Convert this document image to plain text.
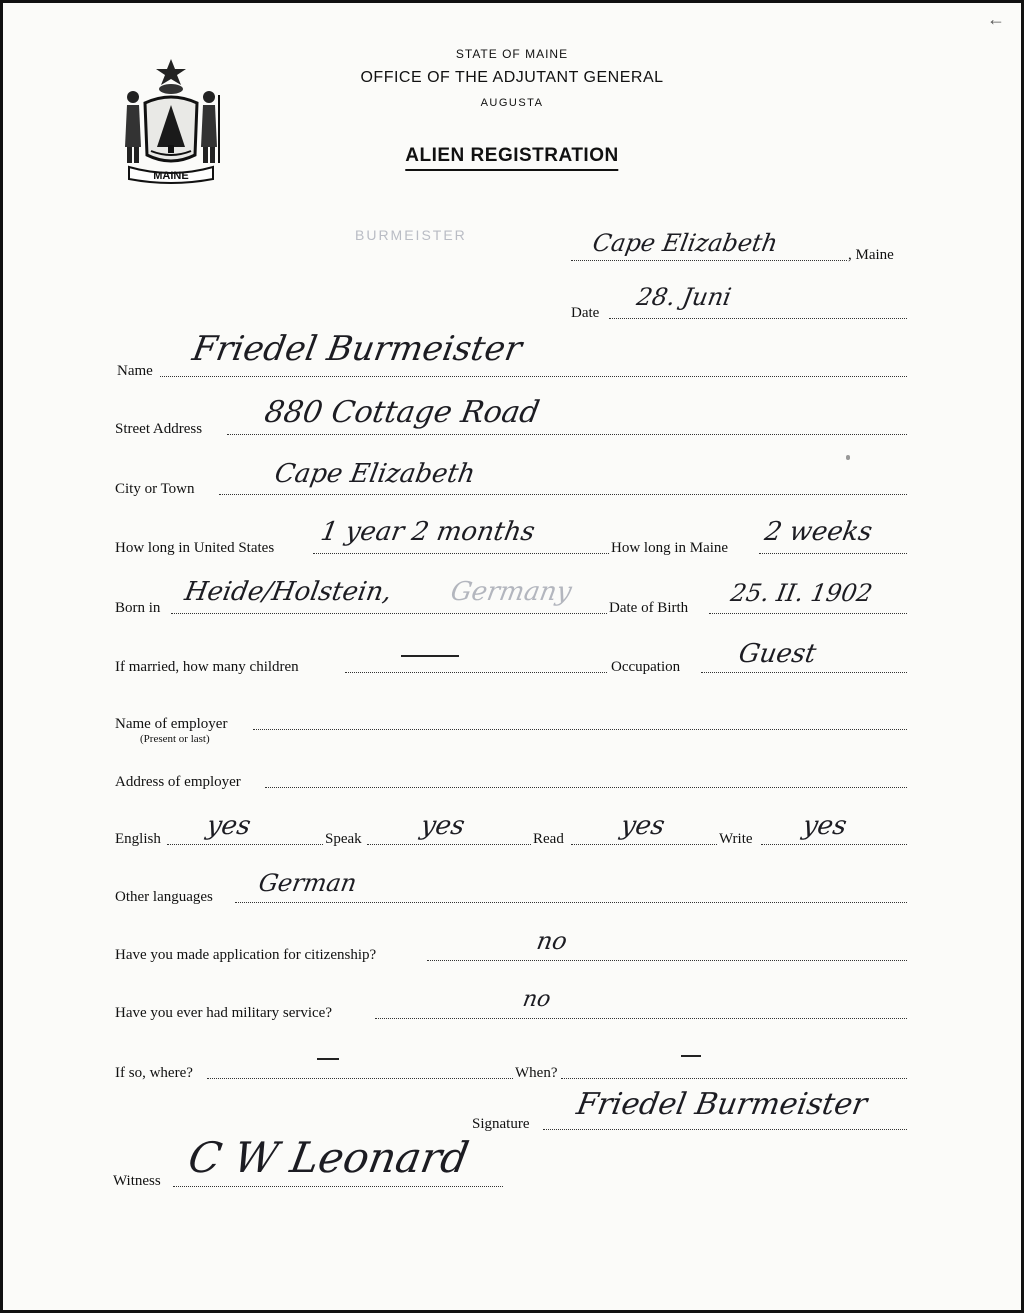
←
MAINE
STATE OF MAINE
OFFICE OF THE ADJUTANT GENERAL
AUGUSTA
ALIEN REGISTRATION
BURMEISTER	Cape Elizabeth	, Maine
Date
28. Juni
Name
Friedel Burmeister
Street Address 880 Cottage Road
City or Town	Cape Elizabeth
How long in United States
1 year 2 months
How long in Maine
2 weeks
Born in
Heide/Holstein, Germany
Date of Birth
25. II. 1902
If married, how many children	Occupation Guest
Name of employer
(Present or last)
Address of employer
English yes	Speak yes	Read yes	Write yes
Other languages German
Have you made application for citizenship?	no
Have you ever had military service?
no
If so, where?	When?
Signature
Friedel Burmeister
Witness C W Leonard
